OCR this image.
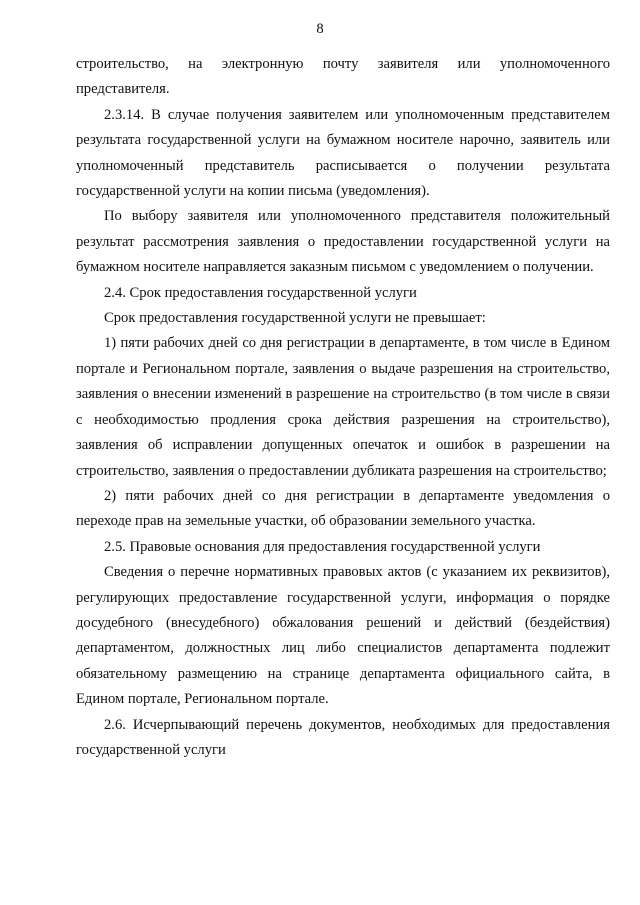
8

строительство, на электронную почту заявителя или уполномоченного представителя.

2.3.14. В случае получения заявителем или уполномоченным представителем результата государственной услуги на бумажном носителе нарочно, заявитель или уполномоченный представитель расписывается о получении результата государственной услуги на копии письма (уведомления).

По выбору заявителя или уполномоченного представителя положительный результат рассмотрения заявления о предоставлении государственной услуги на бумажном носителе направляется заказным письмом с уведомлением о получении.

2.4. Срок предоставления государственной услуги

Срок предоставления государственной услуги не превышает:

1) пяти рабочих дней со дня регистрации в департаменте, в том числе в Едином портале и Региональном портале, заявления о выдаче разрешения на строительство, заявления о внесении изменений в разрешение на строительство (в том числе в связи с необходимостью продления срока действия разрешения на строительство), заявления об исправлении допущенных опечаток и ошибок в разрешении на строительство, заявления о предоставлении дубликата разрешения на строительство;

2) пяти рабочих дней со дня регистрации в департаменте уведомления о переходе прав на земельные участки, об образовании земельного участка.

2.5. Правовые основания для предоставления государственной услуги

Сведения о перечне нормативных правовых актов (с указанием их реквизитов), регулирующих предоставление государственной услуги, информация о порядке досудебного (внесудебного) обжалования решений и действий (бездействия) департаментом, должностных лиц либо специалистов департамента подлежит обязательному размещению на странице департамента официального сайта, в Едином портале, Региональном портале.

2.6. Исчерпывающий перечень документов, необходимых для предоставления государственной услуги
